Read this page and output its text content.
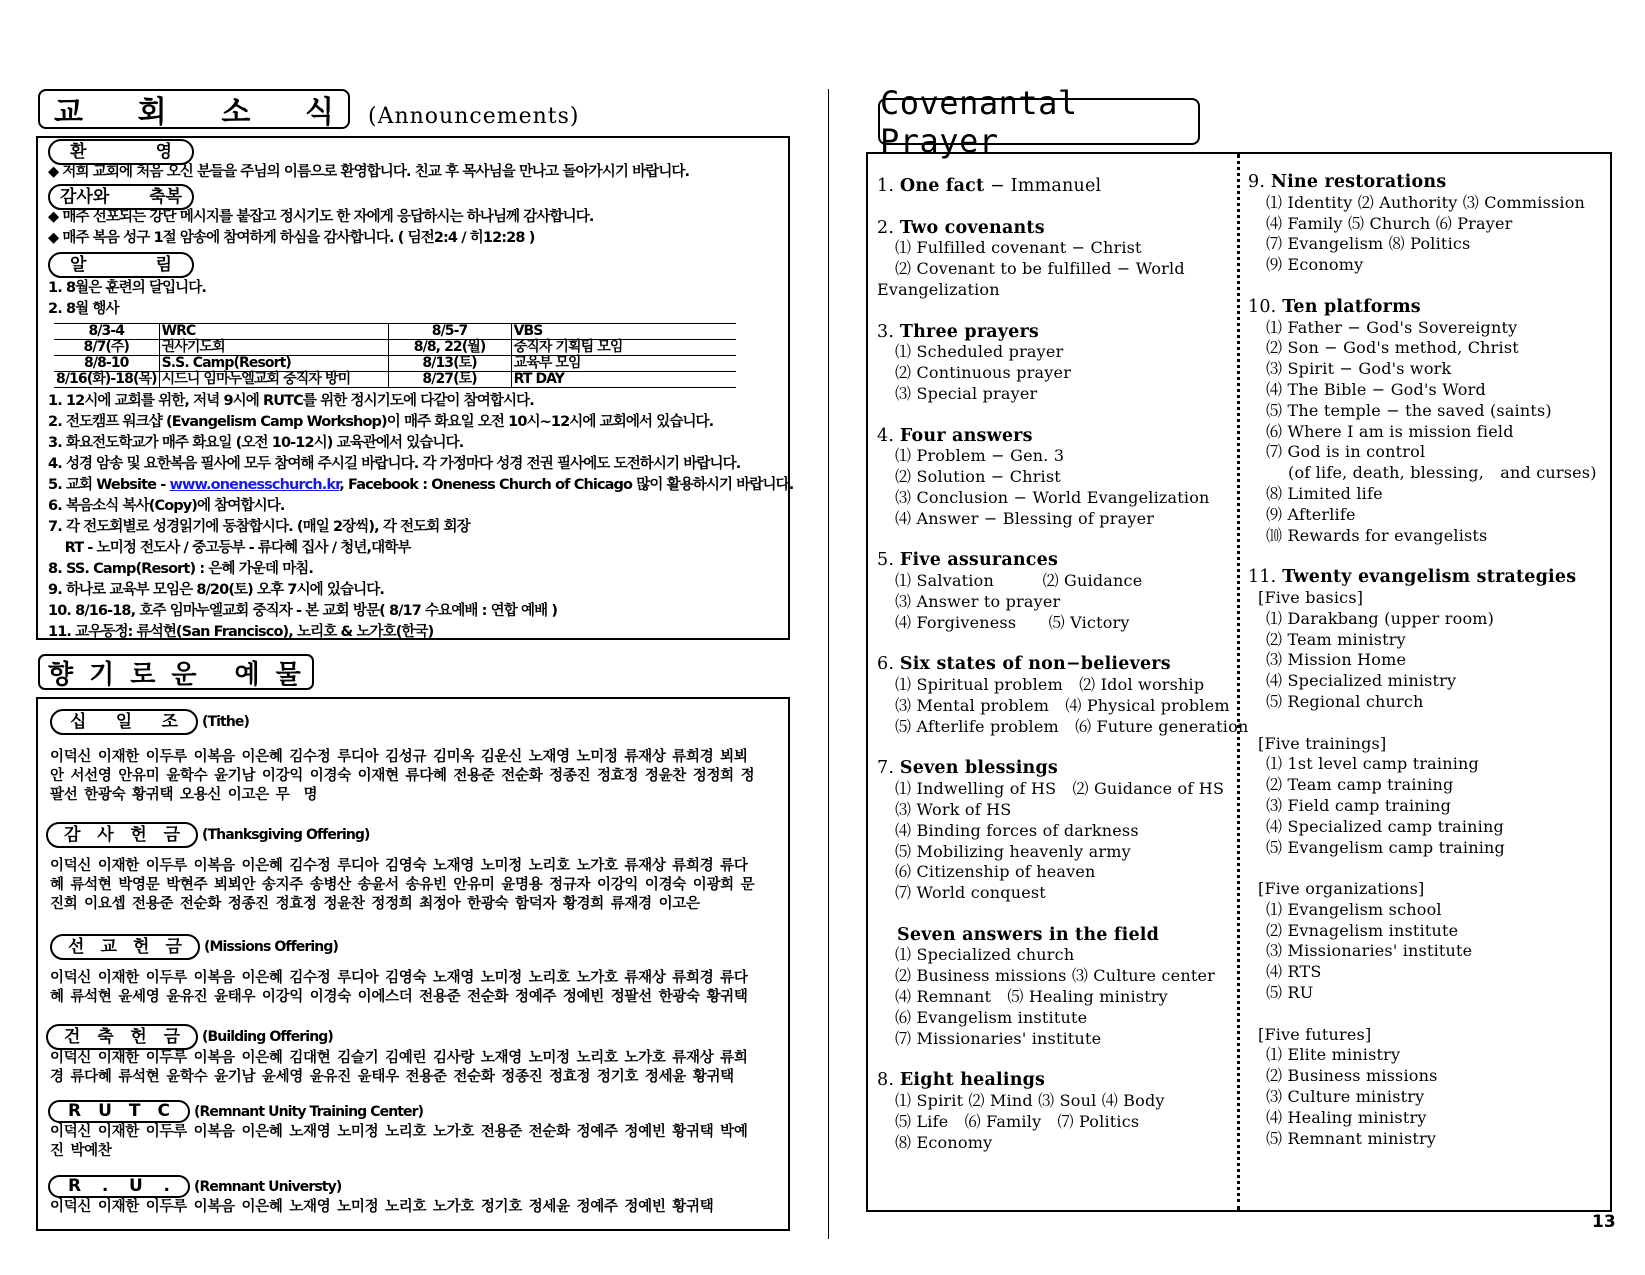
교 회 소 식 (Announcements)
환	영
◆ 저희 교회에 처음 오신 분들을 주님의 이름으로 환영합니다. 친교 후 목사님을 만나고 돌아가시기 바랍니다.
감사와 축복
◆ 매주 선포되는 강단 메시지를 붙잡고 정시기도 한 자에게 응답하시는 하나님께 감사합니다.
◆ 매주 복음 성구 1절 암송에 참여하게 하심을 감사합니다. ( 딤전2:4 / 히12:28 )
알	림
1. 8월은 훈련의 달입니다.
2. 8월 행사
8/3-4	WRC	8/5-7	VBS
8/7(주)	권사기도회	8/8, 22(월)	중직자 기획팀 모임
8/8-10	S.S. Camp(Resort)	8/13(토)	교육부 모임
8/16(화)-18(목)	시드니 임마누엘교회 중직자 방미	8/27(토)	RT DAY
1. 12시에 교회를 위한, 저녁 9시에 RUTC를 위한 정시기도에 다같이 참여합시다.
2. 전도캠프 워크샵 (Evangelism Camp Workshop)이 매주 화요일 오전 10시~12시에 교회에서 있습니다.
3. 화요전도학교가 매주 화요일 (오전 10-12시) 교육관에서 있습니다.
4. 성경 암송 및 요한복음 필사에 모두 참여해 주시길 바랍니다. 각 가정마다 성경 전권 필사에도 도전하시기 바랍니다.
5. 교회 Website - www.onenesschurch.kr, Facebook : Oneness Church of Chicago 많이 활용하시기 바랍니다.
6. 복음소식 복사(Copy)에 참여합시다.
7. 각 전도회별로 성경읽기에 동참합시다. (매일 2장씩), 각 전도회 회장
RT - 노미정 전도사 / 중고등부 - 류다혜 집사 / 청년,대학부
8. SS. Camp(Resort) : 은혜 가운데 마침.
9. 하나로 교육부 모임은 8/20(토) 오후 7시에 있습니다.
10. 8/16-18, 호주 임마누엘교회 중직자 - 본 교회 방문( 8/17 수요예배 : 연합 예배 )
11. 교우동정: 류석현(San Francisco), 노리호 & 노가호(한국)
향 기 로 운 예 물
십 일 조 (Tithe)
이덕신 이재한 이두루 이복음 이은혜 김수정 루디아 김성규 김미옥 김운신 노재영 노미정 류재상 류희경 뵈뵈안 서선영 안유미 윤학수 윤기남 이강익 이경숙 이재현 류다혜 전용준 전순화 정종진 정효정 정윤찬 정정희 정팔선 한광숙 황귀택 오용신 이고은 무　명
감 사 헌 금 (Thanksgiving Offering)
이덕신 이재한 이두루 이복음 이은혜 김수정 루디아 김영숙 노재영 노미정 노리호 노가호 류재상 류희경 류다혜 류석현 박영문 박현주 뵈뵈안 송지주 송병산 송윤서 송유빈 안유미 윤명용 정규자 이강익 이경숙 이광희 문진희 이요셉 전용준 전순화 정종진 정효정 정윤찬 정정희 최정아 한광숙 함덕자 황경희 류재경 이고은
선 교 헌 금 (Missions Offering)
이덕신 이재한 이두루 이복음 이은혜 김수정 루디아 김영숙 노재영 노미정 노리호 노가호 류재상 류희경 류다혜 류석현 윤세영 윤유진 윤태우 이강익 이경숙 이에스더 전용준 전순화 정예주 정예빈 정팔선 한광숙 황귀택
건 축 헌 금 (Building Offering)
이덕신 이재한 이두루 이복음 이은혜 김대현 김슬기 김예린 김사랑 노재영 노미정 노리호 노가호 류재상 류희경 류다혜 류석현 윤학수 윤기남 윤세영 윤유진 윤태우 전용준 전순화 정종진 정효정 정기호 정세윤 황귀택
R U T C (Remnant Unity Training Center)
이덕신 이재한 이두루 이복음 이은혜 노재영 노미정 노리호 노가호 전용준 전순화 정예주 정예빈 황귀택 박예진 박예찬
R . U . (Remnant Universty)
이덕신 이재한 이두루 이복음 이은혜 노재영 노미정 노리호 노가호 정기호 정세윤 정예주 정예빈 황귀택
Covenantal Prayer
1. One fact − Immanuel
2. Two covenants
⑴ Fulfilled covenant − Christ
⑵ Covenant to be fulfilled − World
Evangelization
3. Three prayers
⑴ Scheduled prayer
⑵ Continuous prayer
⑶ Special prayer
4. Four answers
⑴ Problem − Gen. 3
⑵ Solution − Christ
⑶ Conclusion − World Evangelization
⑷ Answer − Blessing of prayer
5. Five assurances
⑴ Salvation　　　⑵ Guidance
⑶ Answer to prayer
⑷ Forgiveness　　⑸ Victory
6. Six states of non−believers
⑴ Spiritual problem　⑵ Idol worship
⑶ Mental problem　⑷ Physical problem
⑸ Afterlife problem　⑹ Future generation
7. Seven blessings
⑴ Indwelling of HS　⑵ Guidance of HS
⑶ Work of HS
⑷ Binding forces of darkness
⑸ Mobilizing heavenly army
⑹ Citizenship of heaven
⑺ World conquest
Seven answers in the field
⑴ Specialized church
⑵ Business missions ⑶ Culture center
⑷ Remnant　⑸ Healing ministry
⑹ Evangelism institute
⑺ Missionaries' institute
8. Eight healings
⑴ Spirit ⑵ Mind ⑶ Soul ⑷ Body
⑸ Life　⑹ Family　⑺ Politics
⑻ Economy
9. Nine restorations
⑴ Identity ⑵ Authority ⑶ Commission
⑷ Family ⑸ Church ⑹ Prayer
⑺ Evangelism ⑻ Politics
⑼ Economy
10. Ten platforms
⑴ Father − God's Sovereignty
⑵ Son − God's method, Christ
⑶ Spirit − God's work
⑷ The Bible − God's Word
⑸ The temple − the saved (saints)
⑹ Where I am is mission field
⑺ God is in control
(of life, death, blessing,　and curses)
⑻ Limited life
⑼ Afterlife
⑽ Rewards for evangelists
11. Twenty evangelism strategies
[Five basics]
⑴ Darakbang (upper room)
⑵ Team ministry
⑶ Mission Home
⑷ Specialized ministry
⑸ Regional church
[Five trainings]
⑴ 1st level camp training
⑵ Team camp training
⑶ Field camp training
⑷ Specialized camp training
⑸ Evangelism camp training
[Five organizations]
⑴ Evangelism school
⑵ Evnagelism institute
⑶ Missionaries' institute
⑷ RTS
⑸ RU
[Five futures]
⑴ Elite ministry
⑵ Business missions
⑶ Culture ministry
⑷ Healing ministry
⑸ Remnant ministry
13
